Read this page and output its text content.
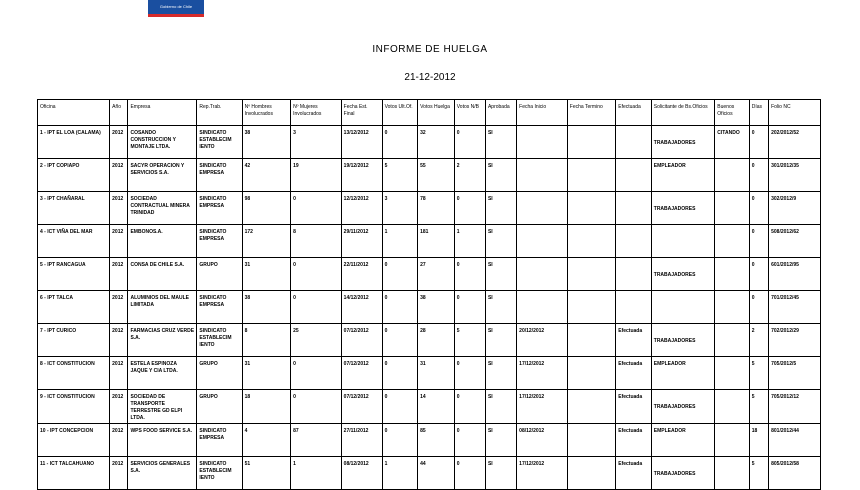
Gobierno de Chile
INFORME DE HUELGA
21-12-2012
Oficina	Año	Empresa	Rep.Trab.	Nº Hombres Involucrados	Nº Mujeres Involucrados	Fecha Est. Final	Votos Ult.Of.	Votos Huelga	Votos N/B	Aprobada	Fecha Inicio	Fecha Termino	Efectuada	Solicitante de Bs.Oficios	Buenos Oficios	Días	Folio NC
1 - IPT EL LOA (CALAMA)	2012	COSANDO CONSTRUCCION Y MONTAJE LTDA.	SINDICATO ESTABLECIM IENTO	38	3	13/12/2012	0	32	0	SI				TRABAJADORES	CITANDO	0	202/2012/52
2 - IPT COPIAPO	2012	SACYR OPERACION Y SERVICIOS S.A.	SINDICATO EMPRESA	42	19	19/12/2012	5	55	2	SI				EMPLEADOR		0	301/2012/35
3 - IPT CHAÑARAL	2012	SOCIEDAD CONTRACTUAL MINERA TRINIDAD	SINDICATO EMPRESA	98	0	12/12/2012	3	78	0	SI				TRABAJADORES		0	302/2012/9
4 - ICT VIÑA DEL MAR	2012	EMBONOS.A.	SINDICATO EMPRESA	172	8	29/11/2012	1	181	1	SI						0	508/2012/62
5 - IPT RANCAGUA	2012	CONSA DE CHILE S.A.	GRUPO	31	0	22/11/2012	0	27	0	SI				TRABAJADORES		0	601/2012/95
6 - IPT TALCA	2012	ALUMINIOS DEL MAULE LIMITADA	SINDICATO EMPRESA	38	0	14/12/2012	0	38	0	SI						0	701/2012/45
7 - IPT CURICO	2012	FARMACIAS CRUZ VERDE S.A.	SINDICATO ESTABLECIM IENTO	8	25	07/12/2012	0	28	5	SI	20/12/2012		Efectuada	TRABAJADORES		2	702/2012/29
8 - ICT CONSTITUCION	2012	ESTELA ESPINOZA JAQUE Y CIA LTDA.	GRUPO	31	0	07/12/2012	0	31	0	SI	17/12/2012		Efectuada	EMPLEADOR		5	705/2012/5
9 - ICT CONSTITUCION	2012	SOCIEDAD DE TRANSPORTE TERRESTRE GD ELPI LTDA.	GRUPO	18	0	07/12/2012	0	14	0	SI	17/12/2012		Efectuada	TRABAJADORES		5	705/2012/12
10 - IPT CONCEPCION	2012	WPS FOOD SERVICE S.A.	SINDICATO EMPRESA	4	87	27/11/2012	0	85	0	SI	08/12/2012		Efectuada	EMPLEADOR		18	801/2012/44
11 - ICT TALCAHUANO	2012	SERVICIOS GENERALES S.A.	SINDICATO ESTABLECIM IENTO	51	1	08/12/2012	1	44	0	SI	17/12/2012		Efectuada	TRABAJADORES		5	805/2012/58
